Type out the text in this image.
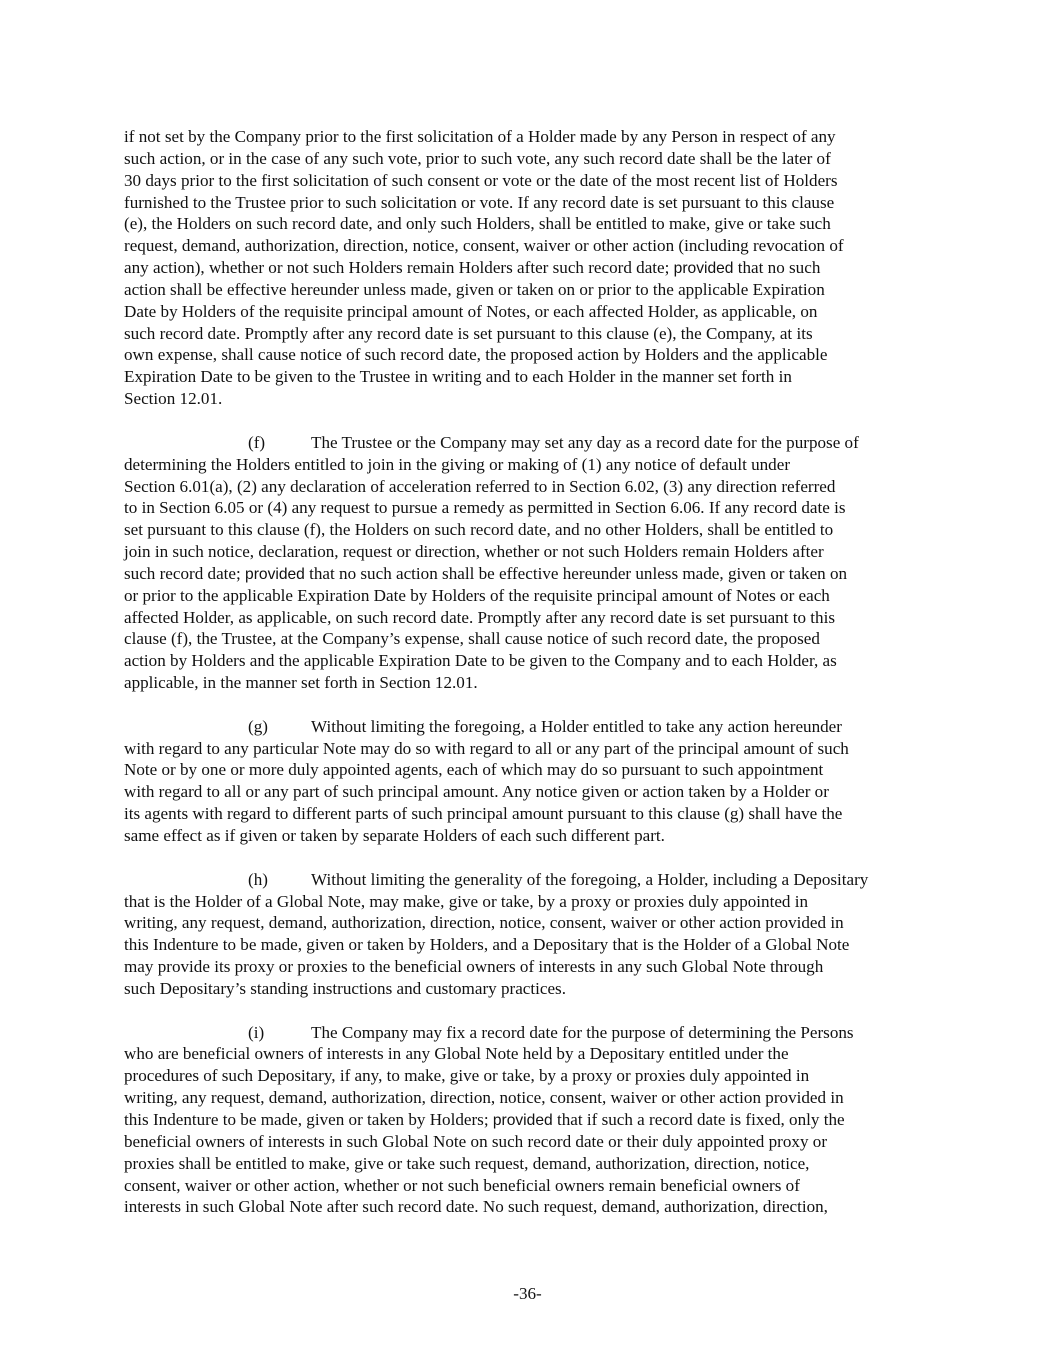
if not set by the Company prior to the first solicitation of a Holder made by any Person in respect of any
such action, or in the case of any such vote, prior to such vote, any such record date shall be the later of
30 days prior to the first solicitation of such consent or vote or the date of the most recent list of Holders
furnished to the Trustee prior to such solicitation or vote. If any record date is set pursuant to this clause
(e), the Holders on such record date, and only such Holders, shall be entitled to make, give or take such
request, demand, authorization, direction, notice, consent, waiver or other action (including revocation of
any action), whether or not such Holders remain Holders after such record date; provided that no such
action shall be effective hereunder unless made, given or taken on or prior to the applicable Expiration
Date by Holders of the requisite principal amount of Notes, or each affected Holder, as applicable, on
such record date. Promptly after any record date is set pursuant to this clause (e), the Company, at its
own expense, shall cause notice of such record date, the proposed action by Holders and the applicable
Expiration Date to be given to the Trustee in writing and to each Holder in the manner set forth in
Section 12.01.
(f)	The Trustee or the Company may set any day as a record date for the purpose of
determining the Holders entitled to join in the giving or making of (1) any notice of default under
Section 6.01(a), (2) any declaration of acceleration referred to in Section 6.02, (3) any direction referred
to in Section 6.05 or (4) any request to pursue a remedy as permitted in Section 6.06. If any record date is
set pursuant to this clause (f), the Holders on such record date, and no other Holders, shall be entitled to
join in such notice, declaration, request or direction, whether or not such Holders remain Holders after
such record date; provided that no such action shall be effective hereunder unless made, given or taken on
or prior to the applicable Expiration Date by Holders of the requisite principal amount of Notes or each
affected Holder, as applicable, on such record date. Promptly after any record date is set pursuant to this
clause (f), the Trustee, at the Company’s expense, shall cause notice of such record date, the proposed
action by Holders and the applicable Expiration Date to be given to the Company and to each Holder, as
applicable, in the manner set forth in Section 12.01.
(g)	Without limiting the foregoing, a Holder entitled to take any action hereunder
with regard to any particular Note may do so with regard to all or any part of the principal amount of such
Note or by one or more duly appointed agents, each of which may do so pursuant to such appointment
with regard to all or any part of such principal amount. Any notice given or action taken by a Holder or
its agents with regard to different parts of such principal amount pursuant to this clause (g) shall have the
same effect as if given or taken by separate Holders of each such different part.
(h)	Without limiting the generality of the foregoing, a Holder, including a Depositary
that is the Holder of a Global Note, may make, give or take, by a proxy or proxies duly appointed in
writing, any request, demand, authorization, direction, notice, consent, waiver or other action provided in
this Indenture to be made, given or taken by Holders, and a Depositary that is the Holder of a Global Note
may provide its proxy or proxies to the beneficial owners of interests in any such Global Note through
such Depositary’s standing instructions and customary practices.
(i)	The Company may fix a record date for the purpose of determining the Persons
who are beneficial owners of interests in any Global Note held by a Depositary entitled under the
procedures of such Depositary, if any, to make, give or take, by a proxy or proxies duly appointed in
writing, any request, demand, authorization, direction, notice, consent, waiver or other action provided in
this Indenture to be made, given or taken by Holders; provided that if such a record date is fixed, only the
beneficial owners of interests in such Global Note on such record date or their duly appointed proxy or
proxies shall be entitled to make, give or take such request, demand, authorization, direction, notice,
consent, waiver or other action, whether or not such beneficial owners remain beneficial owners of
interests in such Global Note after such record date. No such request, demand, authorization, direction,
-36-
